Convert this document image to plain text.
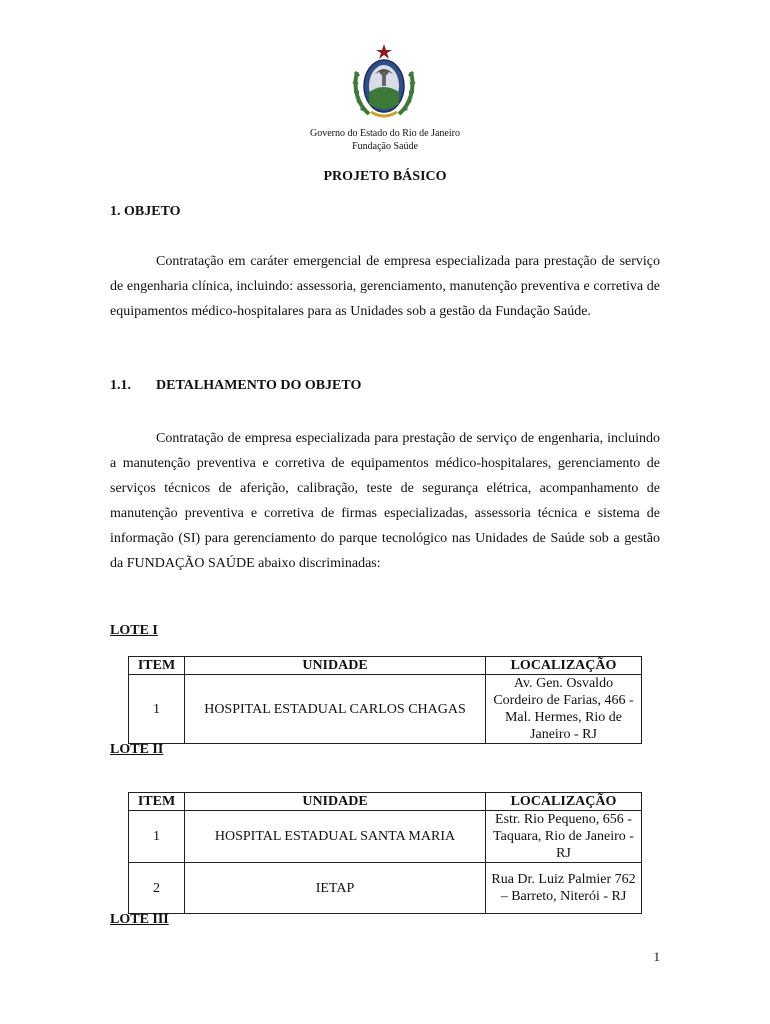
Governo do Estado do Rio de Janeiro
Fundação Saúde
PROJETO BÁSICO
1. OBJETO

Contratação em caráter emergencial de empresa especializada para prestação de serviço de engenharia clínica, incluindo: assessoria, gerenciamento, manutenção preventiva e corretiva de equipamentos médico-hospitalares para as Unidades sob a gestão da Fundação Saúde.

1.1. DETALHAMENTO DO OBJETO

Contratação de empresa especializada para prestação de serviço de engenharia, incluindo a manutenção preventiva e corretiva de equipamentos médico-hospitalares, gerenciamento de serviços técnicos de aferição, calibração, teste de segurança elétrica, acompanhamento de manutenção preventiva e corretiva de firmas especializadas, assessoria técnica e sistema de informação (SI) para gerenciamento do parque tecnológico nas Unidades de Saúde sob a gestão da FUNDAÇÃO SAÚDE abaixo discriminadas:

LOTE I
ITEM	UNIDADE	LOCALIZAÇÃO
1	HOSPITAL ESTADUAL CARLOS CHAGAS	Av. Gen. Osvaldo Cordeiro de Farias, 466 - Mal. Hermes, Rio de Janeiro - RJ
LOTE II
ITEM	UNIDADE	LOCALIZAÇÃO
1	HOSPITAL ESTADUAL SANTA MARIA	Estr. Rio Pequeno, 656 - Taquara, Rio de Janeiro - RJ
2	IETAP	Rua Dr. Luiz Palmier 762 – Barreto, Niterói - RJ
LOTE III
1
